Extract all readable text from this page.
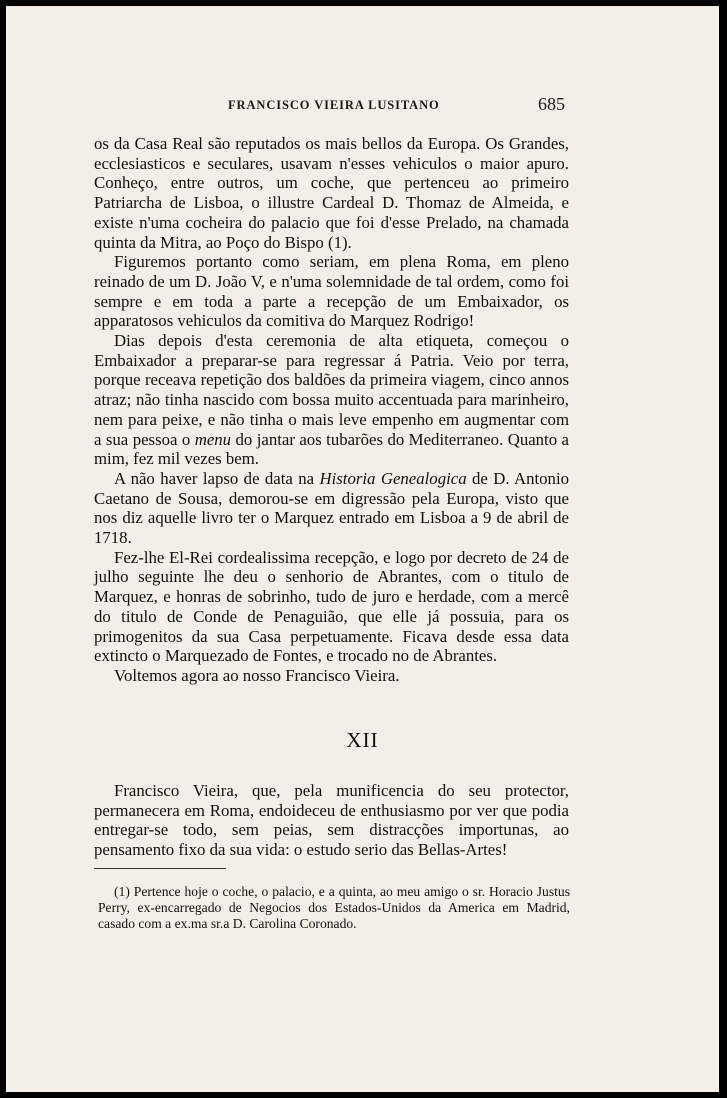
FRANCISCO VIEIRA LUSITANO	685

os da Casa Real são reputados os mais bellos da Europa. Os Grandes, ecclesiasticos e seculares, usavam n'esses vehiculos o maior apuro. Conheço, entre outros, um coche, que pertenceu ao primeiro Patriarcha de Lisboa, o illustre Cardeal D. Thomaz de Almeida, e existe n'uma cocheira do palacio que foi d'esse Prelado, na chamada quinta da Mitra, ao Poço do Bispo (1).

Figuremos portanto como seriam, em plena Roma, em pleno reinado de um D. João V, e n'uma solemnidade de tal ordem, como foi sempre e em toda a parte a recepção de um Embaixador, os apparatosos vehiculos da comitiva do Marquez Rodrigo!

Dias depois d'esta ceremonia de alta etiqueta, começou o Embaixador a preparar-se para regressar á Patria. Veio por terra, porque receava repetição dos baldões da primeira viagem, cinco annos atraz; não tinha nascido com bossa muito accentuada para marinheiro, nem para peixe, e não tinha o mais leve empenho em augmentar com a sua pessoa o menu do jantar aos tubarões do Mediterraneo. Quanto a mim, fez mil vezes bem.

A não haver lapso de data na Historia Genealogica de D. Antonio Caetano de Sousa, demorou-se em digressão pela Europa, visto que nos diz aquelle livro ter o Marquez entrado em Lisboa a 9 de abril de 1718.

Fez-lhe El-Rei cordealissima recepção, e logo por decreto de 24 de julho seguinte lhe deu o senhorio de Abrantes, com o titulo de Marquez, e honras de sobrinho, tudo de juro e herdade, com a mercê do titulo de Conde de Penaguião, que elle já possuia, para os primogenitos da sua Casa perpetuamente. Ficava desde essa data extincto o Marquezado de Fontes, e trocado no de Abrantes.

Voltemos agora ao nosso Francisco Vieira.

XII

Francisco Vieira, que, pela munificencia do seu protector, permanecera em Roma, endoideceu de enthusiasmo por ver que podia entregar-se todo, sem peias, sem distracções importunas, ao pensamento fixo da sua vida: o estudo serio das Bellas-Artes!

(1) Pertence hoje o coche, o palacio, e a quinta, ao meu amigo o sr. Horacio Justus Perry, ex-encarregado de Negocios dos Estados-Unidos da America em Madrid, casado com a ex.ma sr.a D. Carolina Coronado.
